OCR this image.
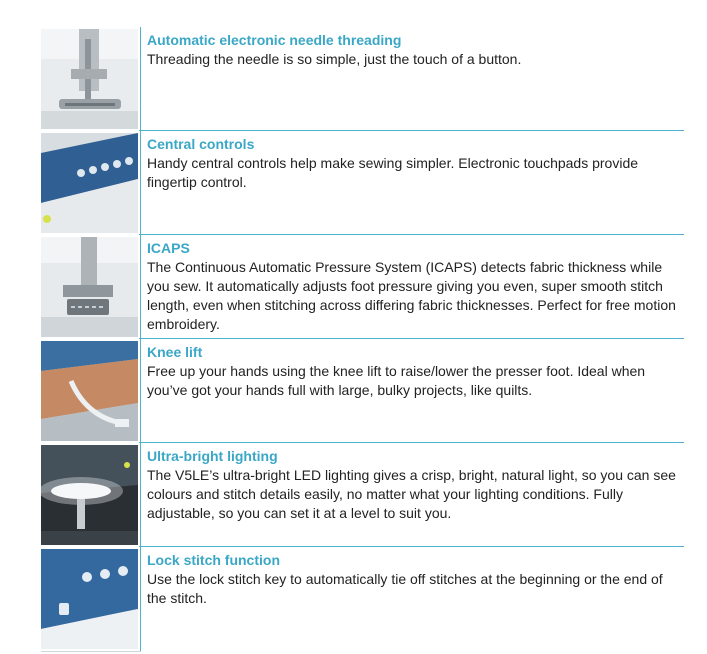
Automatic electronic needle threading

Threading the needle is so simple, just the touch of a button.

Central controls

Handy central controls help make sewing simpler. Electronic touchpads provide fingertip control.

ICAPS

The Continuous Automatic Pressure System (ICAPS) detects fabric thickness while you sew. It automatically adjusts foot pressure giving you even, super smooth stitch length, even when stitching across differing fabric thicknesses. Perfect for free motion embroidery.

Knee lift

Free up your hands using the knee lift to raise/lower the presser foot. Ideal when you’ve got your hands full with large, bulky projects, like quilts.

Ultra-bright lighting

The V5LE’s ultra-bright LED lighting gives a crisp, bright, natural light, so you can see colours and stitch details easily, no matter what your lighting conditions. Fully adjustable, so you can set it at a level to suit you.

Lock stitch function

Use the lock stitch key to automatically tie off stitches at the beginning or the end of the stitch.
